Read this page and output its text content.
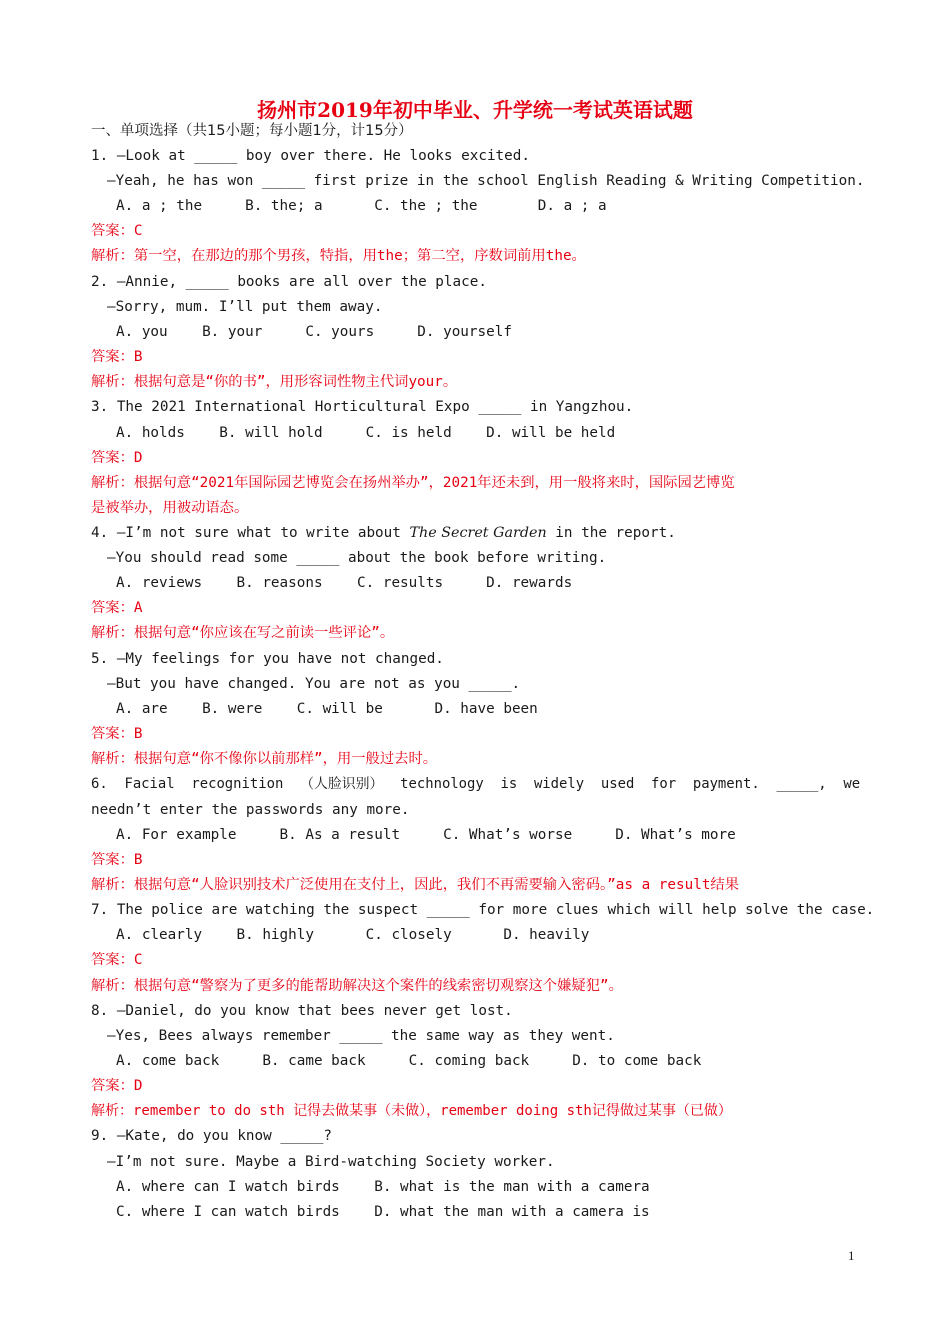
扬州市2019年初中毕业、升学统一考试英语试题
一、单项选择（共15小题；每小题1分，计15分）
1. —Look at _____ boy over there. He looks excited.
—Yeah, he has won _____ first prize in the school English Reading & Writing Competition.
A. a ; the     B. the; a      C. the ; the       D. a ; a
答案：C
解析：第一空，在那边的那个男孩，特指，用the；第二空，序数词前用the。
2. —Annie, _____ books are all over the place.
—Sorry, mum. I’ll put them away.
A. you    B. your     C. yours     D. yourself
答案：B
解析：根据句意是“你的书”，用形容词性物主代词your。
3. The 2021 International Horticultural Expo _____ in Yangzhou.
A. holds    B. will hold     C. is held    D. will be held
答案：D
解析：根据句意“2021年国际园艺博览会在扬州举办”，2021年还未到，用一般将来时，国际园艺博览
是被举办，用被动语态。
4. —I’m not sure what to write about The Secret Garden in the report.
—You should read some _____ about the book before writing.
A. reviews    B. reasons    C. results     D. rewards
答案：A
解析：根据句意“你应该在写之前读一些评论”。
5. —My feelings for you have not changed.
—But you have changed. You are not as you _____.
A. are    B. were    C. will be      D. have been
答案：B
解析：根据句意“你不像你以前那样”，用一般过去时。
6.  Facial  recognition  （人脸识别）  technology  is  widely  used  for  payment.  _____,  we
needn’t enter the passwords any more.
A. For example     B. As a result     C. What’s worse     D. What’s more
答案：B
解析：根据句意“人脸识别技术广泛使用在支付上，因此，我们不再需要输入密码。”as a result结果
7. The police are watching the suspect _____ for more clues which will help solve the case.
A. clearly    B. highly      C. closely      D. heavily
答案：C
解析：根据句意“警察为了更多的能帮助解决这个案件的线索密切观察这个嫌疑犯”。
8. —Daniel, do you know that bees never get lost.
—Yes, Bees always remember _____ the same way as they went.
A. come back     B. came back     C. coming back     D. to come back
答案：D
解析：remember to do sth 记得去做某事（未做），remember doing sth记得做过某事（已做）
9. —Kate, do you know _____?
—I’m not sure. Maybe a Bird-watching Society worker.
A. where can I watch birds    B. what is the man with a camera
C. where I can watch birds    D. what the man with a camera is
1
